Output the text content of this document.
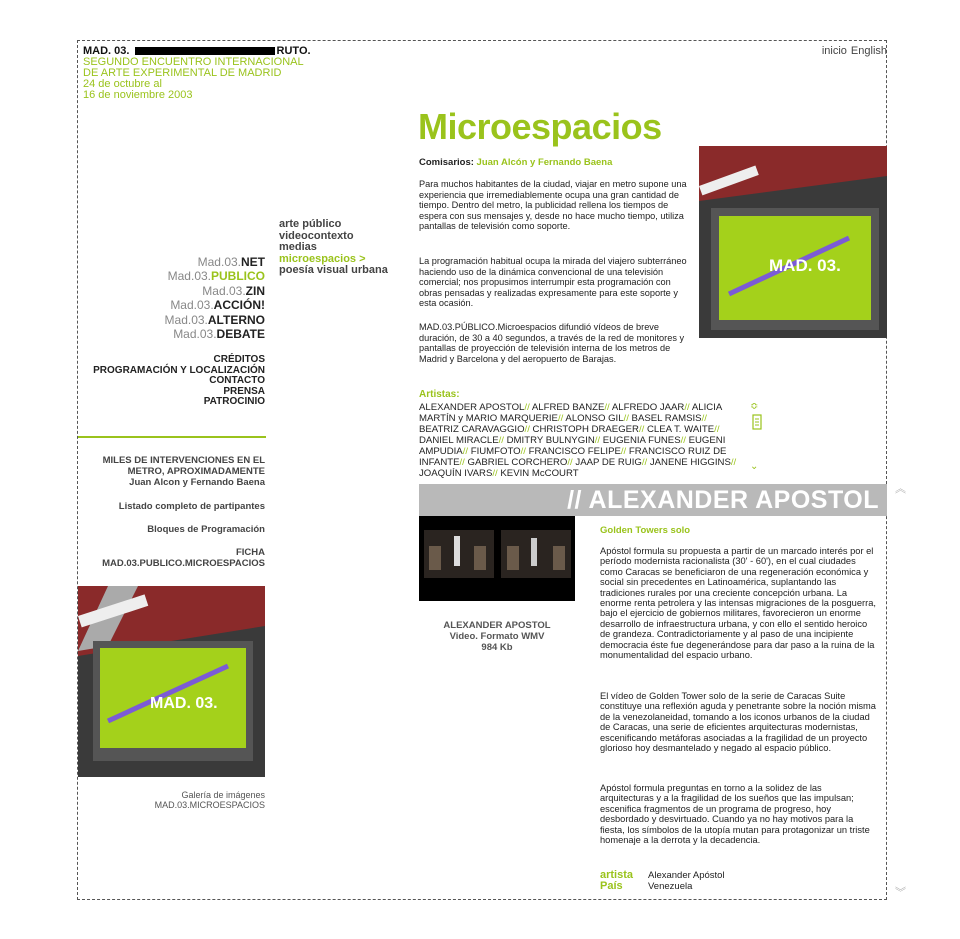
MAD. 03.	RUTO.
SEGUNDO ENCUENTRO INTERNACIONAL
DE ARTE EXPERIMENTAL DE MADRID
24 de octubre al
16 de noviembre 2003
inicio English
Mad.03.NET
Mad.03.PUBLICO
Mad.03.ZIN
Mad.03.ACCIÓN!
Mad.03.ALTERNO
Mad.03.DEBATE
arte público
videocontexto
medias
microespacios >
poesía visual urbana
CRÉDITOS
PROGRAMACIÓN Y LOCALIZACIÓN
CONTACTO
PRENSA
PATROCINIO
MILES DE INTERVENCIONES EN EL
METRO, APROXIMADAMENTE
Juan Alcon y Fernando Baena
Listado completo de partipantes
Bloques de Programación
FICHA
MAD.03.PUBLICO.MICROESPACIOS
MAD. 03.
Galería de imágenes
MAD.03.MICROESPACIOS
Microespacios
Comisarios: Juan Alcón y Fernando Baena
Para muchos habitantes de la ciudad, viajar en metro supone una experiencia que irremediablemente ocupa una gran cantidad de tiempo. Dentro del metro, la publicidad rellena los tiempos de espera con sus mensajes y, desde no hace mucho tiempo, utiliza pantallas de televisión como soporte.
La programación habitual ocupa la mirada del viajero subterráneo haciendo uso de la dinámica convencional de una televisión comercial; nos propusimos interrumpir esta programación con obras pensadas y realizadas expresamente para este soporte y esta ocasión.
MAD.03.PÚBLICO.Microespacios difundió vídeos de breve duración, de 30 a 40 segundos, a través de la red de monitores y pantallas de proyección de televisión interna de los metros de Madrid y Barcelona y del aeropuerto de Barajas.
MAD. 03.
Artistas:
ALEXANDER APOSTOL// ALFRED BANZE// ALFREDO JAAR// ALICIA MARTÍN y MARIO MARQUERIE// ALONSO GIL// BASEL RAMSIS// BEATRIZ CARAVAGGIO// CHRISTOPH DRAEGER// CLEA T. WAITE// DANIEL MIRACLE// DMITRY BULNYGIN// EUGENIA FUNES// EUGENI AMPUDIA// FIUMFOTO// FRANCISCO FELIPE// FRANCISCO RUIZ DE INFANTE// GABRIEL CORCHERO// JAAP DE RUIG// JANENE HIGGINS// JOAQUÍN IVARS// KEVIN McCOURT
≎
⌄
// ALEXANDER APOSTOL	︽
ALEXANDER APOSTOL
Video. Formato WMV
984 Kb
Golden Towers solo
Apóstol formula su propuesta a partir de un marcado interés por el período modernista racionalista (30' - 60'), en el cual ciudades como Caracas se beneficiaron de una regeneración económica y social sin precedentes en Latinoamérica, suplantando las tradiciones rurales por una creciente concepción urbana. La enorme renta petrolera y las intensas migraciones de la posguerra, bajo el ejercicio de gobiernos militares, favorecieron un enorme desarrollo de infraestructura urbana, y con ello el sentido heroico de grandeza. Contradictoriamente y al paso de una incipiente democracia éste fue degenerándose para dar paso a la ruina de la monumentalidad del espacio urbano.
El vídeo de Golden Tower solo de la serie de Caracas Suite constituye una reflexión aguda y penetrante sobre la noción misma de la venezolaneidad, tomando a los iconos urbanos de la ciudad de Caracas, una serie de eficientes arquitecturas modernistas, escenificando metáforas asociadas a la fragilidad de un proyecto glorioso hoy desmantelado y negado al espacio público.
Apóstol formula preguntas en torno a la solidez de las arquitecturas y a la fragilidad de los sueños que las impulsan; escenifica fragmentos de un programa de progreso, hoy desbordado y desvirtuado. Cuando ya no hay motivos para la fiesta, los símbolos de la utopía mutan para protagonizar un triste homenaje a la derrota y la decadencia.
artista Alexander Apóstol
País	Venezuela
︾
